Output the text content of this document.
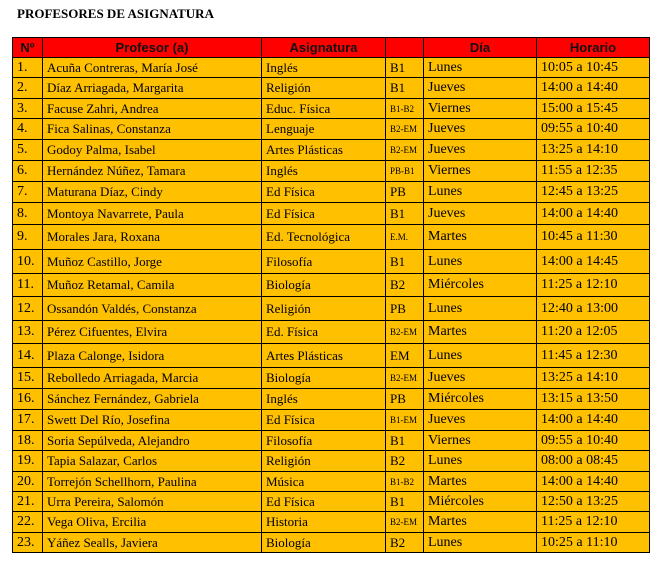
PROFESORES DE ASIGNATURA
Nº	Profesor (a)	Asignatura		Día	Horario
1.	Acuña Contreras, María José	Inglés	B1	Lunes	10:05 a 10:45
2.	Díaz Arriagada, Margarita	Religión	B1	Jueves	14:00 a 14:40
3.	Facuse Zahri, Andrea	Educ. Física	B1-B2	Viernes	15:00 a 15:45
4.	Fica Salinas, Constanza	Lenguaje	B2-EM	Jueves	09:55 a 10:40
5.	Godoy Palma, Isabel	Artes Plásticas	B2-EM	Jueves	13:25 a 14:10
6.	Hernández Núñez, Tamara	Inglés	PB-B1	Viernes	11:55 a 12:35
7.	Maturana Díaz, Cindy	Ed Física	PB	Lunes	12:45 a 13:25
8.	Montoya Navarrete, Paula	Ed Física	B1	Jueves	14:00 a 14:40
9.	Morales Jara, Roxana	Ed. Tecnológica	E.M.	Martes	10:45 a 11:30
10.	Muñoz Castillo, Jorge	Filosofía	B1	Lunes	14:00 a 14:45
11.	Muñoz Retamal, Camila	Biología	B2	Miércoles	11:25 a 12:10
12.	Ossandón Valdés, Constanza	Religión	PB	Lunes	12:40 a 13:00
13.	Pérez Cifuentes, Elvira	Ed. Física	B2-EM	Martes	11:20 a 12:05
14.	Plaza Calonge, Isidora	Artes Plásticas	EM	Lunes	11:45 a 12:30
15.	Rebolledo Arriagada, Marcia	Biología	B2-EM	Jueves	13:25 a 14:10
16.	Sánchez Fernández, Gabriela	Inglés	PB	Miércoles	13:15 a 13:50
17.	Swett Del Río, Josefina	Ed Física	B1-EM	Jueves	14:00 a 14:40
18.	Soria Sepúlveda, Alejandro	Filosofía	B1	Viernes	09:55 a 10:40
19.	Tapia Salazar, Carlos	Religión	B2	Lunes	08:00 a 08:45
20.	Torrejón Schellhorn, Paulina	Música	B1-B2	Martes	14:00 a 14:40
21.	Urra Pereira, Salomón	Ed Física	B1	Miércoles	12:50 a 13:25
22.	Vega Oliva, Ercilia	Historia	B2-EM	Martes	11:25 a 12:10
23.	Yáñez Sealls, Javiera	Biología	B2	Lunes	10:25 a 11:10
